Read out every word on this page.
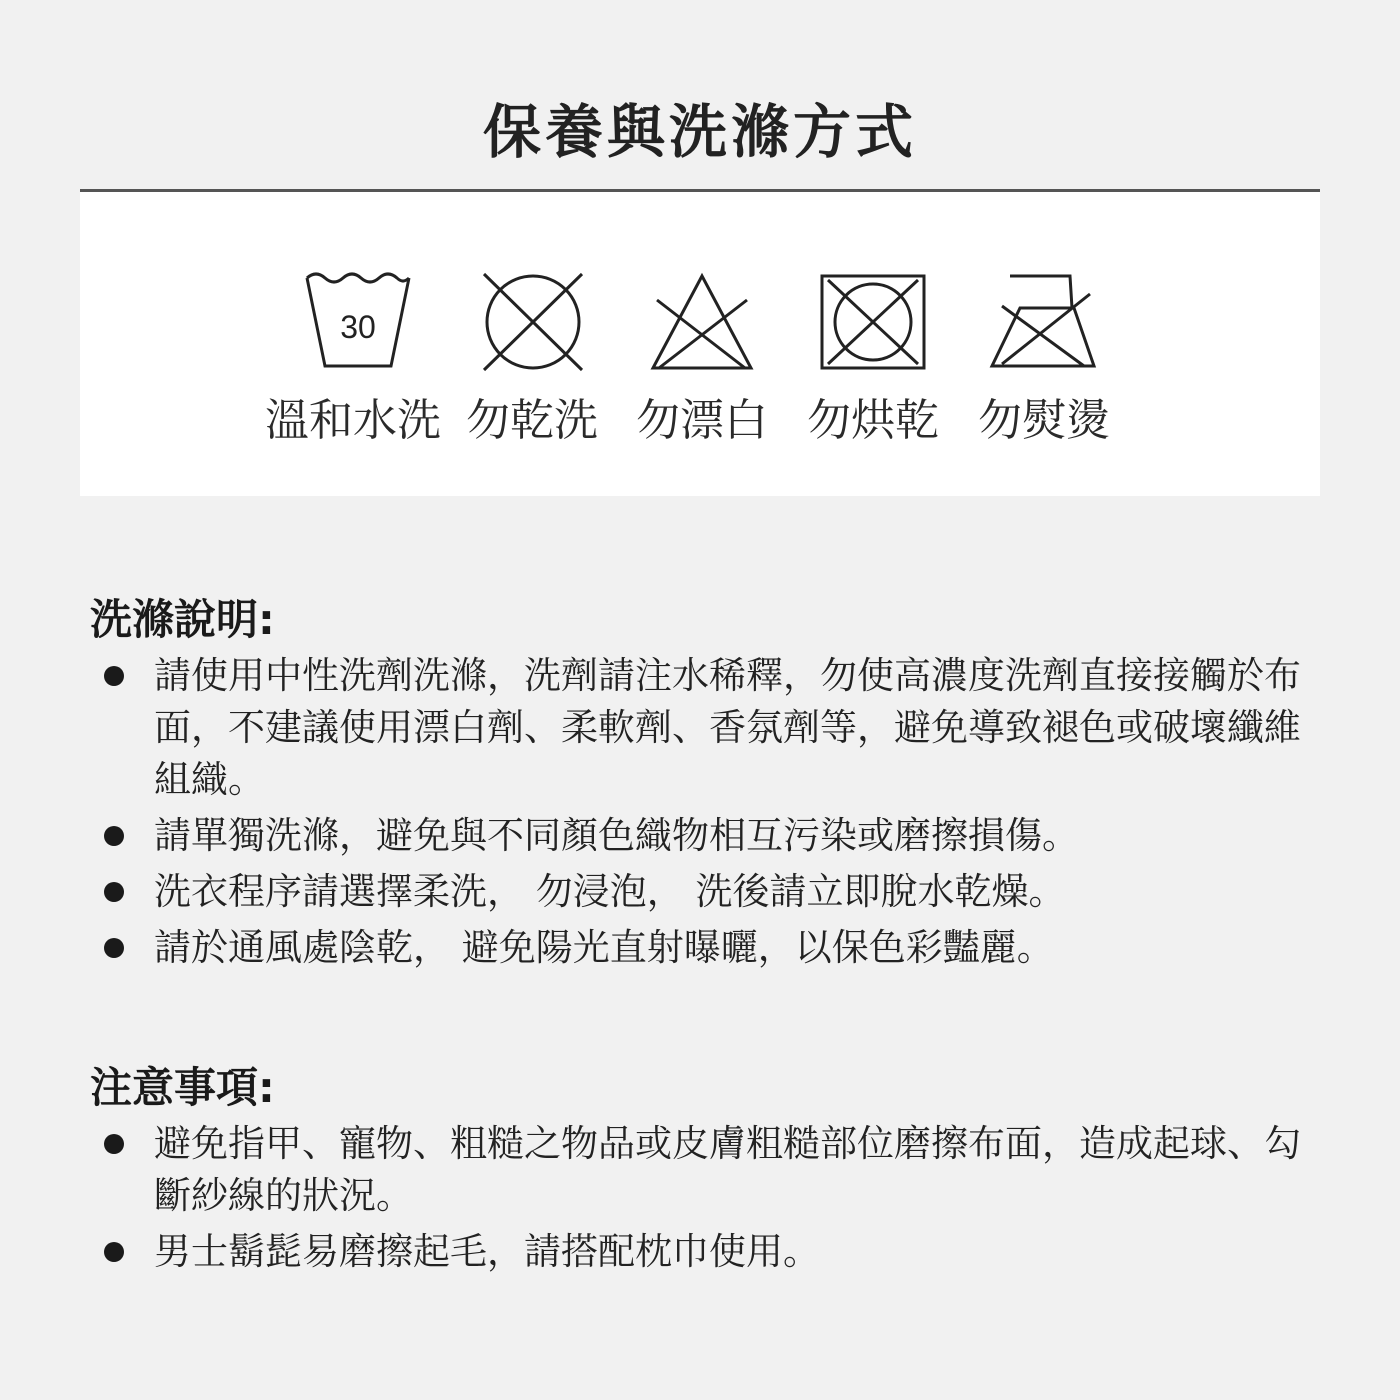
保養與洗滌方式
30
溫和水洗 勿乾洗 勿漂白 勿烘乾 勿熨燙
洗滌說明:
請使用中性洗劑洗滌，洗劑請注水稀釋，勿使高濃度洗劑直接接觸於布面，不建議使用漂白劑、柔軟劑、香氛劑等，避免導致褪色或破壞纖維組織。
請單獨洗滌，避免與不同顏色織物相互污染或磨擦損傷。
洗衣程序請選擇柔洗， 勿浸泡， 洗後請立即脫水乾燥。
請於通風處陰乾， 避免陽光直射曝曬，以保色彩豔麗。
注意事項:
避免指甲、寵物、粗糙之物品或皮膚粗糙部位磨擦布面，造成起球、勾斷紗線的狀況。
男士鬍髭易磨擦起毛，請搭配枕巾使用。
